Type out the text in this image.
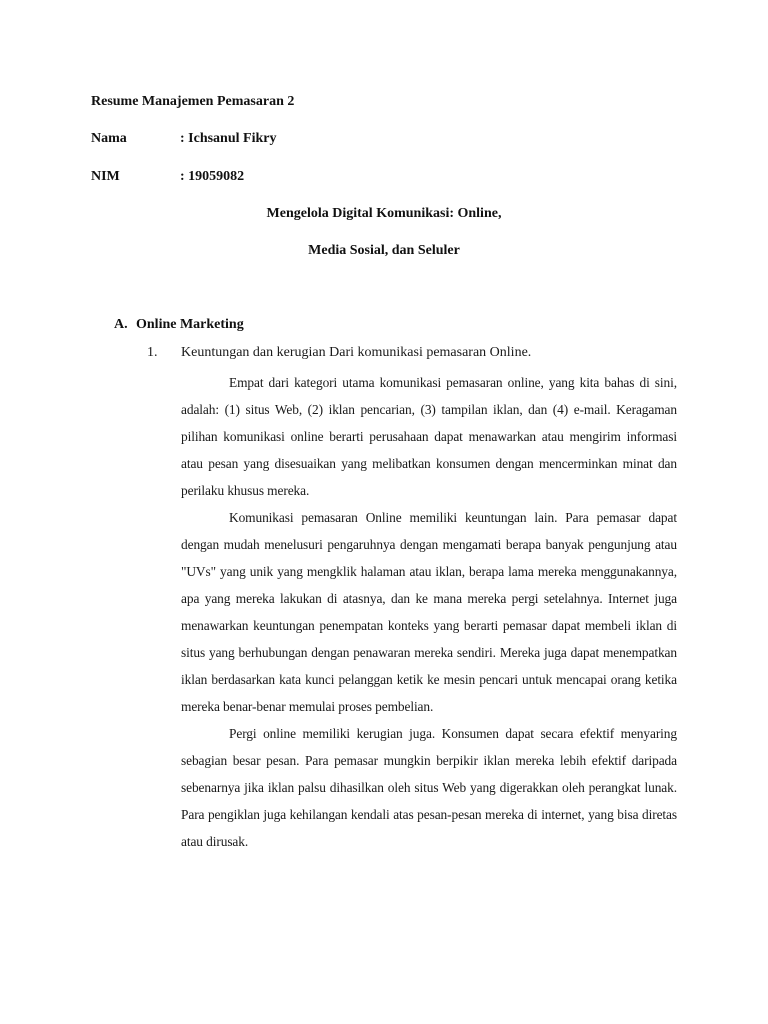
Resume Manajemen Pemasaran 2
Nama	: Ichsanul Fikry
NIM	: 19059082
Mengelola Digital Komunikasi: Online,
Media Sosial, dan Seluler
A. Online Marketing
1. Keuntungan dan kerugian Dari komunikasi pemasaran Online.

Empat dari kategori utama komunikasi pemasaran online, yang kita bahas di sini, adalah: (1) situs Web, (2) iklan pencarian, (3) tampilan iklan, dan (4) e-mail. Keragaman pilihan komunikasi online berarti perusahaan dapat menawarkan atau mengirim informasi atau pesan yang disesuaikan yang melibatkan konsumen dengan mencerminkan minat dan perilaku khusus mereka.

Komunikasi pemasaran Online memiliki keuntungan lain. Para pemasar dapat dengan mudah menelusuri pengaruhnya dengan mengamati berapa banyak pengunjung atau "UVs" yang unik yang mengklik halaman atau iklan, berapa lama mereka menggunakannya, apa yang mereka lakukan di atasnya, dan ke mana mereka pergi setelahnya. Internet juga menawarkan keuntungan penempatan konteks yang berarti pemasar dapat membeli iklan di situs yang berhubungan dengan penawaran mereka sendiri. Mereka juga dapat menempatkan iklan berdasarkan kata kunci pelanggan ketik ke mesin pencari untuk mencapai orang ketika mereka benar-benar memulai proses pembelian.

Pergi online memiliki kerugian juga. Konsumen dapat secara efektif menyaring sebagian besar pesan. Para pemasar mungkin berpikir iklan mereka lebih efektif daripada sebenarnya jika iklan palsu dihasilkan oleh situs Web yang digerakkan oleh perangkat lunak. Para pengiklan juga kehilangan kendali atas pesan-pesan mereka di internet, yang bisa diretas atau dirusak.
